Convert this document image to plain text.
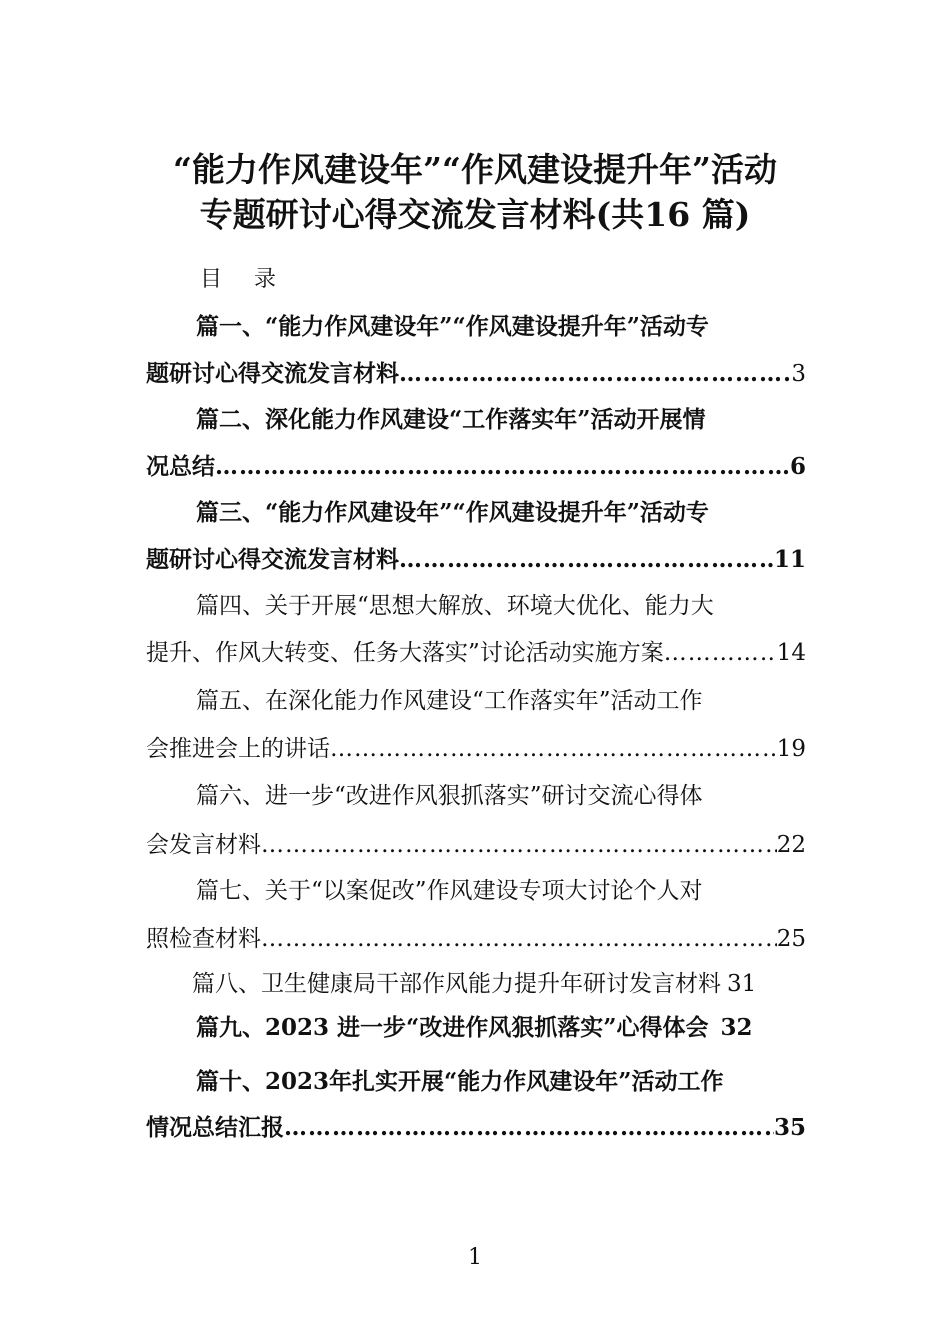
“能力作风建设年”“作风建设提升年”活动
专题研讨心得交流发言材料(共16 篇)
目录
篇一、“能力作风建设年”“作风建设提升年”活动专
题研讨心得交流发言材料 ………………………………………………………………………………………………………………	3
篇二、深化能力作风建设“工作落实年”活动开展情
况总结 ………………………………………………………………………………………………………………	6
篇三、“能力作风建设年”“作风建设提升年”活动专
题研讨心得交流发言材料 ………………………………………………………………………………………………………………	11
篇四、关于开展“思想大解放、环境大优化、能力大
提升、作风大转变、任务大落实”讨论活动实施方案 ………………………………………………………………………………………………………………	14
篇五、在深化能力作风建设“工作落实年”活动工作
会推进会上的讲话 ………………………………………………………………………………………………………………	19
篇六、进一步“改进作风狠抓落实”研讨交流心得体
会发言材料 ………………………………………………………………………………………………………………	22
篇七、关于“以案促改”作风建设专项大讨论个人对
照检查材料 ………………………………………………………………………………………………………………	25
篇八、卫生健康局干部作风能力提升年研讨发言材料 31
篇九、2023 进一步“改进作风狠抓落实”心得体会 32
篇十、2023年扎实开展“能力作风建设年”活动工作
情况总结汇报 ………………………………………………………………………………………………………………	35
1
